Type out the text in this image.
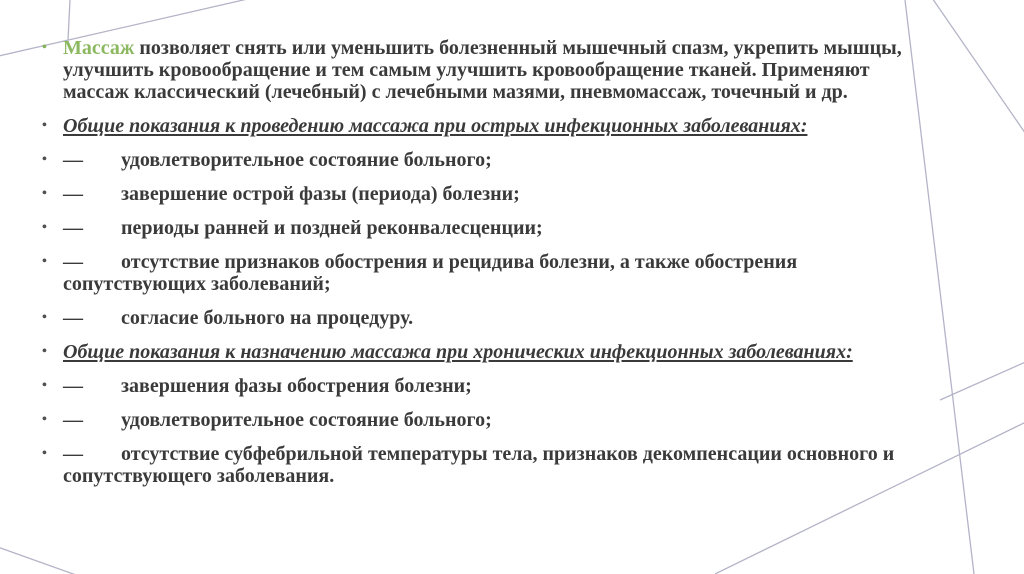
• Массаж позволяет снять или уменьшить болезненный мышечный спазм, укрепить мышцы, улучшить кровообращение и тем самым улучшить кровообращение тканей. Применяют массаж классический (лечебный) с лечебными мазями, пневмомассаж, точечный и др.
• Общие показания к проведению массажа при острых инфекционных заболеваниях:
• — удовлетворительное состояние больного;
• — завершение острой фазы (периода) болезни;
• — периоды ранней и поздней реконвалесценции;
• — отсутствие признаков обострения и рецидива болезни, а также обострения сопутствующих заболеваний;
• — согласие больного на процедуру.
• Общие показания к назначению массажа при хронических инфекционных заболеваниях:
• — завершения фазы обострения болезни;
• — удовлетворительное состояние больного;
• — отсутствие субфебрильной температуры тела, признаков декомпенсации основного и сопутствующего заболевания.
